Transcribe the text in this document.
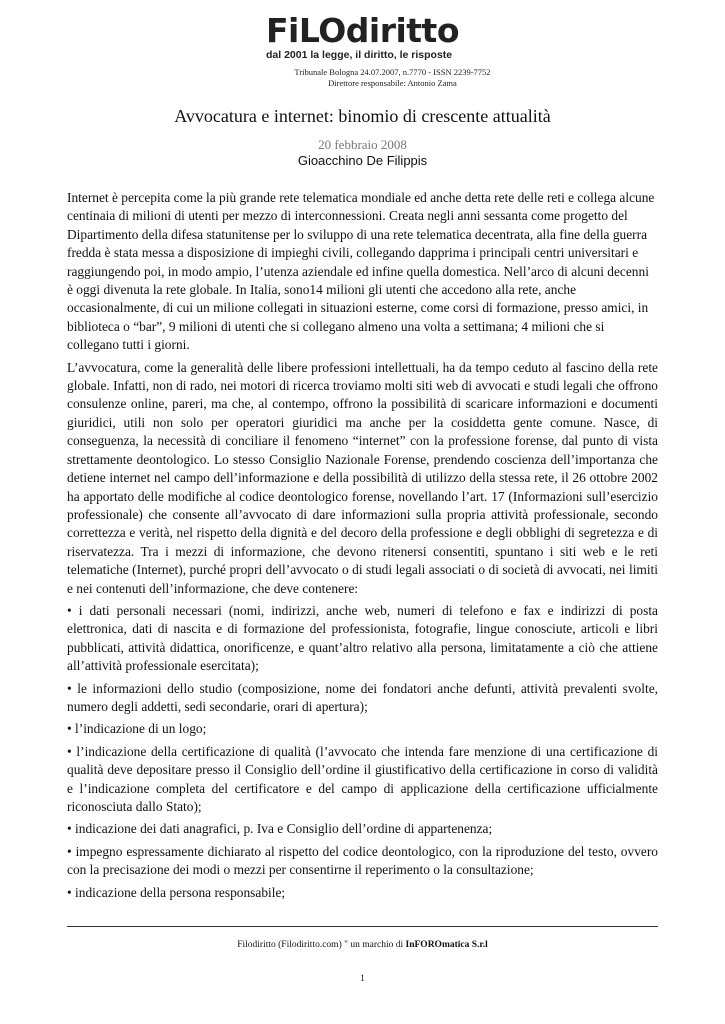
FiLOdiritto
dal 2001 la legge, il diritto, le risposte
Tribunale Bologna 24.07.2007, n.7770 - ISSN 2239-7752
Direttore responsabile: Antonio Zama
Avvocatura e internet: binomio di crescente attualità
20 febbraio 2008
Gioacchino De Filippis

Internet è percepita come la più grande rete telematica mondiale ed anche detta rete delle reti e collega alcune centinaia di milioni di utenti per mezzo di interconnessioni. Creata negli anni sessanta come progetto del Dipartimento della difesa statunitense per lo sviluppo di una rete telematica decentrata, alla fine della guerra fredda è stata messa a disposizione di impieghi civili, collegando dapprima i principali centri universitari e raggiungendo poi, in modo ampio, l’utenza aziendale ed infine quella domestica. Nell’arco di alcuni decenni è oggi divenuta la rete globale. In Italia, sono14 milioni gli utenti che accedono alla rete, anche occasionalmente, di cui un milione collegati in situazioni esterne, come corsi di formazione, presso amici, in biblioteca o “bar”, 9 milioni di utenti che si collegano almeno una volta a settimana; 4 milioni che si collegano tutti i giorni.

L’avvocatura, come la generalità delle libere professioni intellettuali, ha da tempo ceduto al fascino della rete globale. Infatti, non di rado, nei motori di ricerca troviamo molti siti web di avvocati e studi legali che offrono consulenze online, pareri, ma che, al contempo, offrono la possibilità di scaricare informazioni e documenti giuridici, utili non solo per operatori giuridici ma anche per la cosiddetta gente comune. Nasce, di conseguenza, la necessità di conciliare il fenomeno “internet” con la professione forense, dal punto di vista strettamente deontologico. Lo stesso Consiglio Nazionale Forense, prendendo coscienza dell’importanza che detiene internet nel campo dell’informazione e della possibilità di utilizzo della stessa rete, il 26 ottobre 2002 ha apportato delle modifiche al codice deontologico forense, novellando l’art. 17 (Informazioni sull’esercizio professionale) che consente all’avvocato di dare informazioni sulla propria attività professionale, secondo correttezza e verità, nel rispetto della dignità e del decoro della professione e degli obblighi di segretezza e di riservatezza. Tra i mezzi di informazione, che devono ritenersi consentiti, spuntano i siti web e le reti telematiche (Internet), purché propri dell’avvocato o di studi legali associati o di società di avvocati, nei limiti e nei contenuti dell’informazione, che deve contenere:

• i dati personali necessari (nomi, indirizzi, anche web, numeri di telefono e fax e indirizzi di posta elettronica, dati di nascita e di formazione del professionista, fotografie, lingue conosciute, articoli e libri pubblicati, attività didattica, onorificenze, e quant’altro relativo alla persona, limitatamente a ciò che attiene all’attività professionale esercitata);

• le informazioni dello studio (composizione, nome dei fondatori anche defunti, attività prevalenti svolte, numero degli addetti, sedi secondarie, orari di apertura);

• l’indicazione di un logo;

• l’indicazione della certificazione di qualità (l’avvocato che intenda fare menzione di una certificazione di qualità deve depositare presso il Consiglio dell’ordine il giustificativo della certificazione in corso di validità e l’indicazione completa del certificatore e del campo di applicazione della certificazione ufficialmente riconosciuta dallo Stato);

• indicazione dei dati anagrafici, p. Iva e Consiglio dell’ordine di appartenenza;

• impegno espressamente dichiarato al rispetto del codice deontologico, con la riproduzione del testo, ovvero con la precisazione dei modi o mezzi per consentirne il reperimento o la consultazione;

• indicazione della persona responsabile;

Filodiritto (Filodiritto.com) " un marchio di InFOROmatica S.r.l
1
